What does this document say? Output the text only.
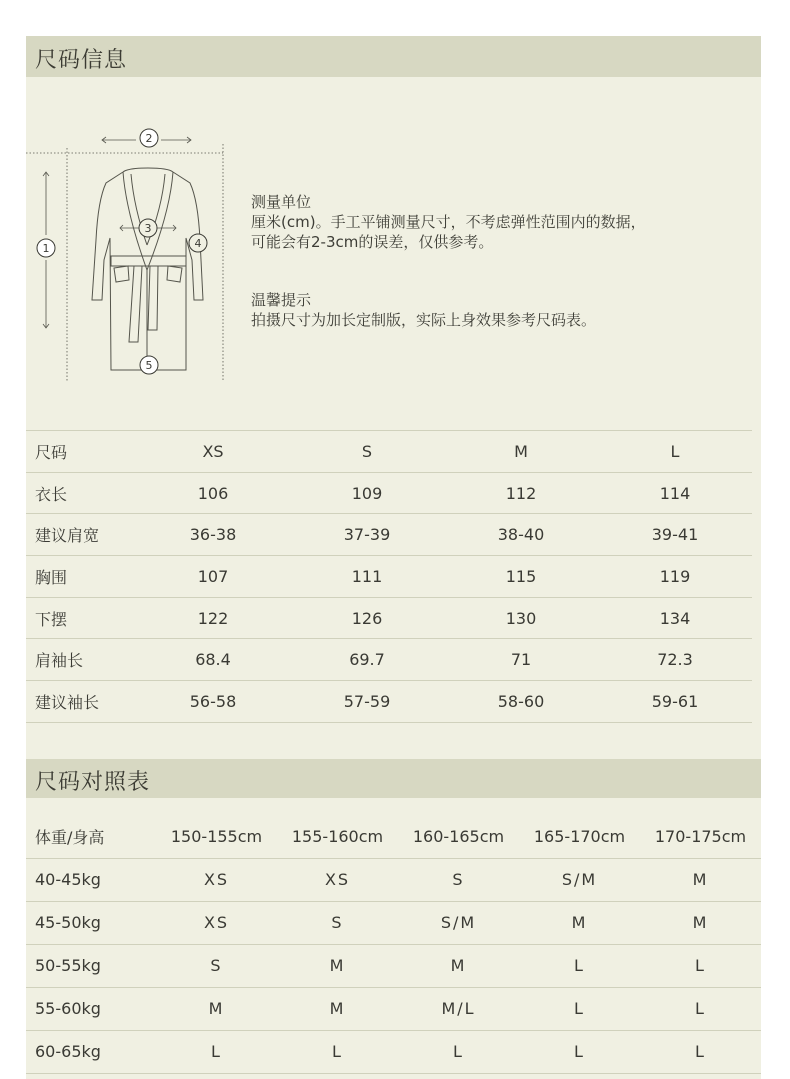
尺码信息
2
1
3
4
5
测量单位
厘米(cm)。手工平铺测量尺寸，不考虑弹性范围内的数据，
可能会有2-3cm的误差，仅供参考。
温馨提示
拍摄尺寸为加长定制版，实际上身效果参考尺码表。
尺码	XS	S	M	L
衣长	106	109	112	114
建议肩宽	36-38	37-39	38-40	39-41
胸围	107	111	115	119
下摆	122	126	130	134
肩袖长	68.4	69.7	71	72.3
建议袖长	56-58	57-59	58-60	59-61
尺码对照表
体重/身高	150-155cm	155-160cm	160-165cm	165-170cm	170-175cm
40-45kg	XS	XS	S	S/M	M
45-50kg	XS	S	S/M	M	M
50-55kg	S	M	M	L	L
55-60kg	M	M	M/L	L	L
60-65kg	L	L	L	L	L
